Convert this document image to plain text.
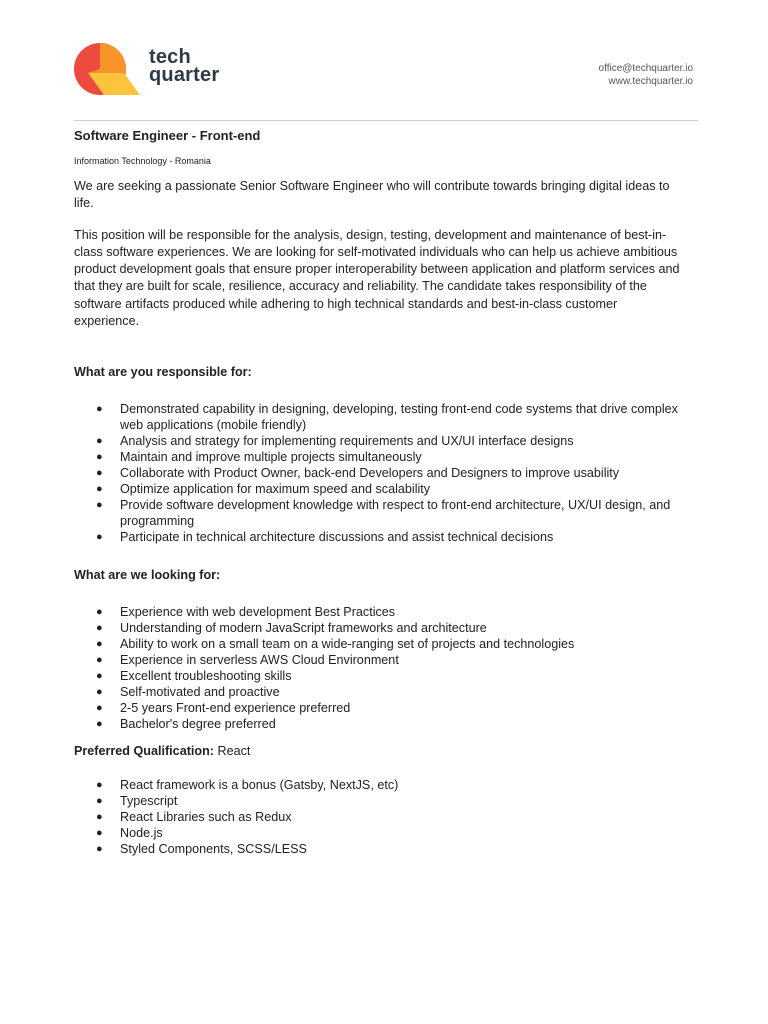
tech
quarter	office@techquarter.io
www.techquarter.io

Software Engineer - Front-end

Information Technology - Romania

We are seeking a passionate Senior Software Engineer who will contribute towards bringing digital ideas to life.

This position will be responsible for the analysis, design, testing, development and maintenance of best-in-class software experiences. We are looking for self-motivated individuals who can help us achieve ambitious product development goals that ensure proper interoperability between application and platform services and that they are built for scale, resilience, accuracy and reliability. The candidate takes responsibility of the software artifacts produced while adhering to high technical standards and best-in-class customer experience.

What are you responsible for:

● Demonstrated capability in designing, developing, testing front-end code systems that drive complex web applications (mobile friendly)
● Analysis and strategy for implementing requirements and UX/UI interface designs
● Maintain and improve multiple projects simultaneously
● Collaborate with Product Owner, back-end Developers and Designers to improve usability
● Optimize application for maximum speed and scalability
● Provide software development knowledge with respect to front-end architecture, UX/UI design, and programming
● Participate in technical architecture discussions and assist technical decisions

What are we looking for:

● Experience with web development Best Practices
● Understanding of modern JavaScript frameworks and architecture
● Ability to work on a small team on a wide-ranging set of projects and technologies
● Experience in serverless AWS Cloud Environment
● Excellent troubleshooting skills
● Self-motivated and proactive
● 2-5 years Front-end experience preferred
● Bachelor's degree preferred

Preferred Qualification: React

● React framework is a bonus (Gatsby, NextJS, etc)
● Typescript
● React Libraries such as Redux
● Node.js
● Styled Components, SCSS/LESS
